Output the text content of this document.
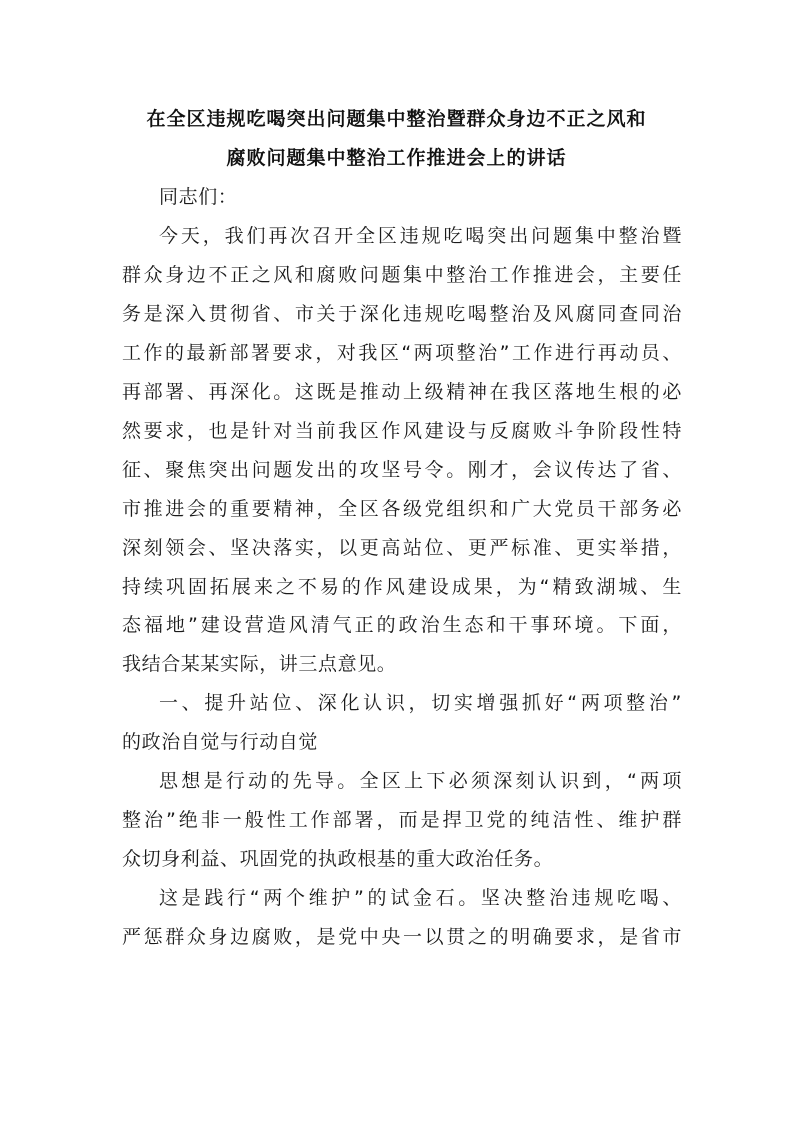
在全区违规吃喝突出问题集中整治暨群众身边不正之风和
腐败问题集中整治工作推进会上的讲话
同志们：
今天，我们再次召开全区违规吃喝突出问题集中整治暨
群众身边不正之风和腐败问题集中整治工作推进会，主要任
务是深入贯彻省、市关于深化违规吃喝整治及风腐同查同治
工作的最新部署要求，对我区“两项整治”工作进行再动员、
再部署、再深化。这既是推动上级精神在我区落地生根的必
然要求，也是针对当前我区作风建设与反腐败斗争阶段性特
征、聚焦突出问题发出的攻坚号令。刚才，会议传达了省、
市推进会的重要精神，全区各级党组织和广大党员干部务必
深刻领会、坚决落实，以更高站位、更严标准、更实举措，
持续巩固拓展来之不易的作风建设成果，为“精致湖城、生
态福地”建设营造风清气正的政治生态和干事环境。下面，
我结合某某实际，讲三点意见。
一、提升站位、深化认识，切实增强抓好“两项整治”
的政治自觉与行动自觉
思想是行动的先导。全区上下必须深刻认识到，“两项
整治”绝非一般性工作部署，而是捍卫党的纯洁性、维护群
众切身利益、巩固党的执政根基的重大政治任务。
这是践行“两个维护”的试金石。坚决整治违规吃喝、
严惩群众身边腐败，是党中央一以贯之的明确要求，是省市
